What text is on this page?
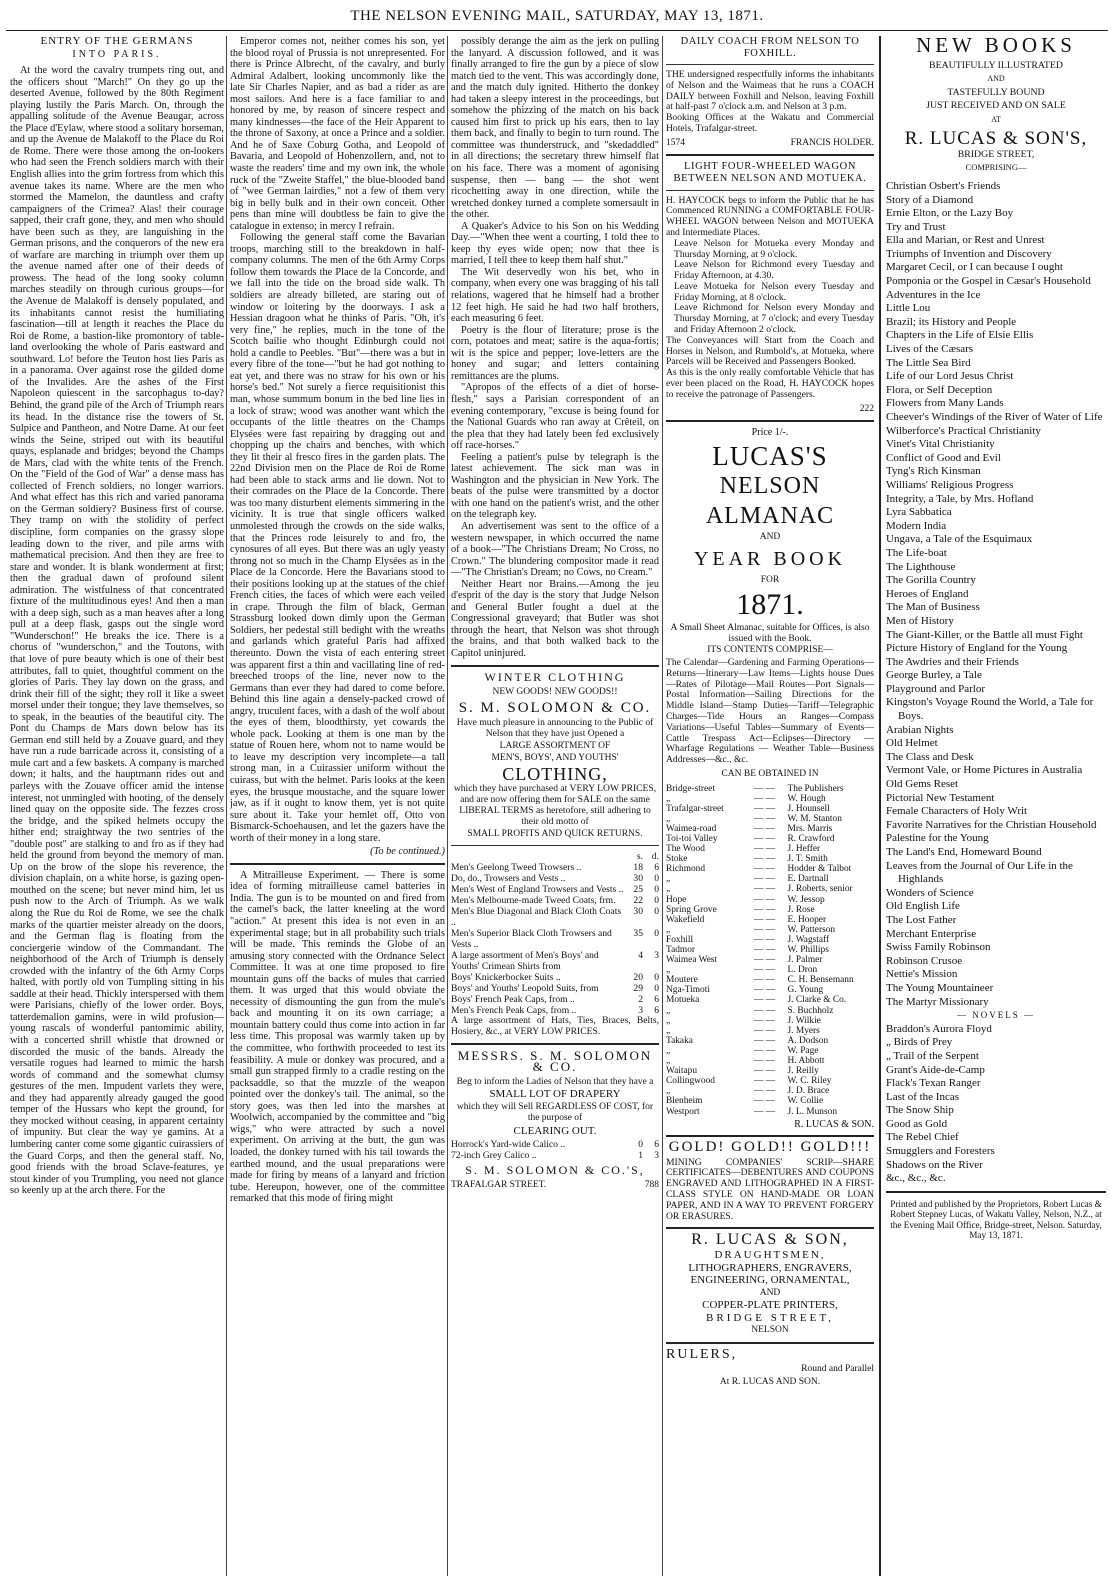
THE NELSON EVENING MAIL, SATURDAY, MAY 13, 1871.
ENTRY OF THE GERMANS
INTO PARIS.

At the word the cavalry trumpets ring out, and the officers shout "March!" On they go up the deserted Avenue, followed by the 80th Regiment playing lustily the Paris March. On, through the appalling solitude of the Avenue Beaugar, across the Place d'Eylaw, where stood a solitary horseman, and up the Avenue de Malakoff to the Place du Roi de Rome. There were those among the on-lookers who had seen the French soldiers march with their English allies into the grim fortress from which this avenue takes its name. Where are the men who stormed the Mamelon, the dauntless and crafty campaigners of the Crimea? Alas! their courage sapped, their craft gone, they, and men who should have been such as they, are languishing in the German prisons, and the conquerors of the new era of warfare are marching in triumph over them up the avenue named after one of their deeds of prowess. The head of the long sooky column marches steadily on through curious groups—for the Avenue de Malakoff is densely populated, and its inhabitants cannot resist the humiliating fascination—till at length it reaches the Place du Roi de Rome, a bastion-like promontory of table-land overlooking the whole of Paris eastward and southward. Lo! before the Teuton host lies Paris as in a panorama. Over against rose the gilded dome of the Invalides. Are the ashes of the First Napoleon quiescent in the sarcophagus to-day? Behind, the grand pile of the Arch of Triumph rears its head. In the distance rise the towers of St. Sulpice and Pantheon, and Notre Dame. At our feet winds the Seine, striped out with its beautiful quays, esplanade and bridges; beyond the Champs de Mars, clad with the white tents of the French. On the "Field of the God of War" a dense mass has collected of French soldiers, no longer warriors. And what effect has this rich and varied panorama on the German soldiery? Business first of course. They tramp on with the stolidity of perfect discipline, form companies on the grassy slope leading down to the river, and pile arms with mathematical precision. And then they are free to stare and wonder. It is blank wonderment at first; then the gradual dawn of profound silent admiration. The wistfulness of that concentrated fixture of the multitudinous eyes! And then a man with a deep sigh, such as a man heaves after a long pull at a deep flask, gasps out the single word "Wunderschon!" He breaks the ice. There is a chorus of "wunderschon," and the Toutons, with that love of pure beauty which is one of their best attributes, fall to quiet, thoughtful comment on the glories of Paris. They lay down on the grass, and drink their fill of the sight; they roll it like a sweet morsel under their tongue; they lave themselves, so to speak, in the beauties of the beautiful city. The Pont du Champs de Mars down below has its German end still held by a Zouave guard, and they have run a rude barricade across it, consisting of a mule cart and a few baskets. A company is marched down; it halts, and the hauptmann rides out and parleys with the Zouave officer amid the intense interest, not unmingled with hooting, of the densely lined quay on the opposite side. The fezzes cross the bridge, and the spiked helmets occupy the hither end; straightway the two sentries of the "double post" are stalking to and fro as if they had held the ground from beyond the memory of man. Up on the brow of the slope his reverence, the division chaplain, on a white horse, is gazing open-mouthed on the scene; but never mind him, let us push now to the Arch of Triumph. As we walk along the Rue du Roi de Rome, we see the chalk marks of the quartier meister already on the doors, and the German flag is floating from the conciergerie window of the Commandant. The neighborhood of the Arch of Triumph is densely crowded with the infantry of the 6th Army Corps halted, with portly old von Tumpling sitting in his saddle at their head. Thickly interspersed with them were Parisians, chiefly of the lower order. Boys, tatterdemalion gamins, were in wild profusion—young rascals of wonderful pantomimic ability, with a concerted shrill whistle that drowned or discorded the music of the bands. Already the versatile rogues had learned to mimic the harsh words of command and the somewhat clumsy gestures of the men. Impudent varlets they were, and they had apparently already gauged the good temper of the Hussars who kept the ground, for they mocked without ceasing, in apparent certainty of impunity. But clear the way ye gamins. At a lumbering canter come some gigantic cuirassiers of the Guard Corps, and then the general staff. No, good friends with the broad Sclave-features, ye stout kinder of you Trumpling, you need not glance so keenly up at the arch there. For the

Emperor comes not, neither comes his son, yet the blood royal of Prussia is not unrepresented. For there is Prince Albrecht, of the cavalry, and burly Admiral Adalbert, looking uncommonly like the late Sir Charles Napier, and as bad a rider as are most sailors. And here is a face familiar to and honored by me, by reason of sincere respect and many kindnesses—the face of the Heir Apparent to the throne of Saxony, at once a Prince and a soldier. And he of Saxe Coburg Gotha, and Leopold of Bavaria, and Leopold of Hohenzollern, and, not to waste the readers' time and my own ink, the whole ruck of the "Zweite Staffel," the blue-blooded band of "wee German lairdies," not a few of them very big in belly bulk and in their own conceit. Other pens than mine will doubtless be fain to give the catalogue in extenso; in mercy I refrain.

Following the general staff come the Bavarian troops, marching still to the breakdown in half-company columns. The men of the 6th Army Corps follow them towards the Place de la Concorde, and we fall into the tide on the broad side walk. Th soldiers are already billeted, are staring out of window or loitering by the doorways. I ask a Hessian dragoon what he thinks of Paris. "Oh, it's very fine," he replies, much in the tone of the Scotch bailie who thought Edinburgh could not hold a candle to Peebles. "But"—there was a but in every fibre of the tone—"but he had got nothing to eat yet, and there was no straw for his own or his horse's bed." Not surely a fierce requisitionist this man, whose summum bonum in the bed line lies in a lock of straw; wood was another want which the occupants of the little theatres on the Champs Elysées were fast repairing by dragging out and chopping up the chairs and benches, with which they lit their al fresco fires in the garden plats. The 22nd Division men on the Place de Roi de Rome had been able to stack arms and lie down. Not to their comrades on the Place de la Concorde. There was too many disturbent elements simmering in the vicinity. It is true that single officers walked unmolested through the crowds on the side walks, that the Princes rode leisurely to and fro, the cynosures of all eyes. But there was an ugly yeasty throng not so much in the Champ Elysées as in the Place de la Concorde. Here the Bavarians stood to their positions looking up at the statues of the chief French cities, the faces of which were each veiled in crape. Through the film of black, German Strassburg looked down dimly upon the German Soldiers, her pedestal still bedight with the wreaths and garlands which grateful Paris had affixed thereunto. Down the vista of each entering street was apparent first a thin and vacillating line of red-breeched troops of the line, never now to the Germans than ever they had dared to come before. Behind this line again a densely-packed crowd of angry, truculent faces, with a dash of the wolf about the eyes of them, bloodthirsty, yet cowards the whole pack. Looking at them is one man by the statue of Rouen here, whom not to name would be to leave my description very incomplete—a tall strong man, in a Cuirassier uniform without the cuirass, but with the helmet. Paris looks at the keen eyes, the brusque moustache, and the square lower jaw, as if it ought to know them, yet is not quite sure about it. Take your hemlet off, Otto von Bismarck-Schoehausen, and let the gazers have the worth of their money in a long stare.

(To be continued.)

A Mitrailleuse Experiment. — There is some idea of forming mitrailleuse camel batteries in India. The gun is to be mounted on and fired from the camel's back, the latter kneeling at the word "action." At present this idea is not even in an experimental stage; but in all probability such trials will be made. This reminds the Globe of an amusing story connected with the Ordnance Select Committee. It was at one time proposed to fire mountain guns off the backs of mules that carried them. It was urged that this would obviate the necessity of dismounting the gun from the mule's back and mounting it on its own carriage; a mountain battery could thus come into action in far less time. This proposal was warmly taken up by the committee, who forthwith proceeded to test its feasibility. A mule or donkey was procured, and a small gun strapped firmly to a cradle resting on the packsaddle, so that the muzzle of the weapon pointed over the donkey's tail. The animal, so the story goes, was then led into the marshes at Woolwich, accompanied by the committee and "big wigs," who were attracted by such a novel experiment. On arriving at the butt, the gun was loaded, the donkey turned with his tail towards the earthed mound, and the usual preparations were made for firing by means of a lanyard and friction tube. Hereupon, however, one of the committee remarked that this mode of firing might

possibly derange the aim as the jerk on pulling the lanyard. A discussion followed, and it was finally arranged to fire the gun by a piece of slow match tied to the vent. This was accordingly done, and the match duly ignited. Hitherto the donkey had taken a sleepy interest in the proceedings, but somehow the phizzing of the match on his back caused him first to prick up his ears, then to lay them back, and finally to begin to turn round. The committee was thunderstruck, and "skedaddled" in all directions; the secretary threw himself flat on his face. There was a moment of agonising suspense, then — bang — the shot went ricochetting away in one direction, while the wretched donkey turned a complete somersault in the other.

A Quaker's Advice to his Son on his Wedding Day.—"When thee went a courting, I told thee to keep thy eyes wide open; now that thee is married, I tell thee to keep them half shut."

The Wit deservedly won his bet, who in company, when every one was bragging of his tall relations, wagered that he himself had a brother 12 feet high. He said he had two half brothers, each measuring 6 feet.

Poetry is the flour of literature; prose is the corn, potatoes and meat; satire is the aqua-fortis; wit is the spice and pepper; love-letters are the honey and sugar; and letters containing remittances are the plums.

"Apropos of the effects of a diet of horse-flesh," says a Parisian correspondent of an evening contemporary, "excuse is being found for the National Guards who ran away at Crêteil, on the plea that they had lately been fed exclusively off race-horses."

Feeling a patient's pulse by telegraph is the latest achievement. The sick man was in Washington and the physician in New York. The beats of the pulse were transmitted by a doctor with one hand on the patient's wrist, and the other on the telegraph key.

An advertisement was sent to the office of a western newspaper, in which occurred the name of a book—"The Christians Dream; No Cross, no Crown." The blundering compositor made it read—"The Christian's Dream; no Cows, no Cream."

Neither Heart nor Brains.—Among the jeu d'esprit of the day is the story that Judge Nelson and General Butler fought a duel at the Congressional graveyard; that Butler was shot through the heart, that Nelson was shot through the brains, and that both walked back to the Capitol uninjured.

WINTER CLOTHING
NEW GOODS! NEW GOODS!!
S. M. SOLOMON & CO.

Have much pleasure in announcing to the Public of Nelson that they have just Opened a

LARGE ASSORTMENT OF
MEN'S, BOYS', AND YOUTHS'
CLOTHING,

which they have purchased at VERY LOW PRICES, and are now offering them for SALE on the same LIBERAL TERMS as heretofore, still adhering to their old motto of

SMALL PROFITS AND QUICK RETURNS.
	s.	d.
Men's Geelong Tweed Trowsers ..	18	6
Do, do., Trowsers and Vests ..	30	0
Men's West of England Trowsers and Vests ..	25	0
Men's Melbourne-made Tweed Coats, frm.	22	0
Men's Blue Diagonal and Black Cloth Coats ..	30	0
Men's Superior Black Cloth Trowsers and Vests ..	35	0
A large assortment of Men's Boys' and Youths' Crimean Shirts from	4	3
Boys' Knickerbocker Suits ..	20	0
Boys' and Youths' Leopold Suits, from	29	0
Boys' French Peak Caps, from ..	2	6
Men's French Peak Caps, from ..	3	6

A large assortment of Hats, Ties, Braces, Belts, Hosiery, &c., at VERY LOW PRICES.

MESSRS. S. M. SOLOMON & CO.
Beg to inform the Ladies of Nelson that they have a
SMALL LOT OF DRAPERY
which they will Sell REGARDLESS OF COST, for the purpose of
CLEARING OUT.
Horrock's Yard-wide Calico ..	0	6
72-inch Grey Calico ..	1	3
S. M. SOLOMON & CO.'S,
TRAFALGAR STREET.	788
DAILY COACH FROM NELSON TO FOXHILL.

THE undersigned respectfully informs the inhabitants of Nelson and the Waimeas that he runs a COACH DAILY between Foxhill and Nelson, leaving Foxhill at half-past 7 o'clock a.m. and Nelson at 3 p.m.

Booking Offices at the Wakatu and Commercial Hotels, Trafalgar-street.

1574	FRANCIS HOLDER.
LIGHT FOUR-WHEELED WAGON BETWEEN NELSON AND MOTUEKA.

H. HAYCOCK begs to inform the Public that he has Commenced RUNNING a COMFORTABLE FOUR-WHEEL WAGON between Nelson and MOTUEKA and Intermediate Places.

Leave Nelson for Motueka every Monday and Thursday Morning, at 9 o'clock.

Leave Nelson for Richmond every Tuesday and Friday Afternoon, at 4.30.

Leave Motueka for Nelson every Tuesday and Friday Morning, at 8 o'clock.

Leave Richmond for Nelson every Monday and Thursday Morning, at 7 o'clock; and every Tuesday and Friday Afternoon 2 o'clock.

The Conveyances will Start from the Coach and Horses in Nelson, and Rumbold's, at Motueka, where Parcels will be Received and Passengers Booked.

As this is the only really comfortable Vehicle that has ever been placed on the Road, H. HAYCOCK hopes to receive the patronage of Passengers.

222
Price 1/-.
LUCAS'S
NELSON ALMANAC
AND
YEAR BOOK
FOR
1871.

A Small Sheet Almanac, suitable for Offices, is also issued with the Book.

ITS CONTENTS COMPRISE—

The Calendar—Gardening and Farming Operations—Returns—Itinerary—Law Items—Lights house Dues—Rates of Pilotage—Mail Routes—Port Signals—Postal Information—Sailing Directions for the Middle Island—Stamp Duties—Tariff—Telegraphic Charges—Tide Hours an Ranges—Compass Variations—Useful Tables—Summary of Events—Cattle Trespass Act—Eclipses—Directory — Wharfage Regulations — Weather Table—Business Addresses—&c., &c.

CAN BE OBTAINED IN
Bridge-street	— —	The Publishers
„	— —	W. Hough
Trafalgar-street	— —	J. Hounsell
„	— —	W. M. Stanton
Waimea-road	— —	Mrs. Marris
Toi-toi Valley	— —	R. Crawford
The Wood	— —	J. Heffer
Stoke	— —	J. T. Smith
Richmond	— —	Hodder & Talbot
„	— —	E. Dartnall
„	— —	J. Roberts, senior
Hope	— —	W. Jessop
Spring Grove	— —	J. Rose
Wakefield	— —	E. Hooper
„	— —	W. Patterson
Foxhill	— —	J. Wagstaff
Tadmor	— —	W. Phillips
Waimea West	— —	J. Palmer
„	— —	L. Dron
Moutere	— —	C. H. Bensemann
Nga-Timoti	— —	G. Young
Motueka	— —	J. Clarke & Co.
„	— —	S. Buchholz
„	— —	J. Wilkie
„	— —	J. Myers
Takaka	— —	A. Dodson
„	— —	W. Page
„	— —	H. Abbott
Waitapu	— —	J. Reilly
Collingwood	— —	W. C. Riley
„	— —	J. D. Brace
Blenheim	— —	W. Collie
Westport	— —	J. L. Munson
R. LUCAS & SON.
GOLD! GOLD!! GOLD!!!

MINING COMPANIES' SCRIP—SHARE CERTIFICATES—DEBENTURES AND COUPONS ENGRAVED AND LITHOGRAPHED IN A FIRST-CLASS STYLE ON HAND-MADE OR LOAN PAPER, AND IN A WAY TO PREVENT FORGERY OR ERASURES.

R. LUCAS & SON,
DRAUGHTSMEN,
LITHOGRAPHERS, ENGRAVERS,
ENGINEERING, ORNAMENTAL,
AND
COPPER-PLATE PRINTERS,
BRIDGE STREET,
NELSON
RULERS,
Round and Parallel
At R. LUCAS AND SON.
NEW BOOKS
BEAUTIFULLY ILLUSTRATED
AND
TASTEFULLY BOUND
JUST RECEIVED AND ON SALE
AT
R. LUCAS & SON'S,
BRIDGE STREET,
COMPRISING—
Christian Osbert's Friends
Story of a Diamond
Ernie Elton, or the Lazy Boy
Try and Trust
Ella and Marian, or Rest and Unrest
Triumphs of Invention and Discovery
Margaret Cecil, or I can because I ought
Pomponia or the Gospel in Cæsar's Household
Adventures in the Ice
Little Lou
Brazil; its History and People
Chapters in the Life of Elsie Ellis
Lives of the Cæsars
The Little Sea Bird
Life of our Lord Jesus Christ
Flora, or Self Deception
Flowers from Many Lands
Cheever's Windings of the River of Water of Life
Wilberforce's Practical Christianity
Vinet's Vital Christianity
Conflict of Good and Evil
Tyng's Rich Kinsman
Williams' Religious Progress
Integrity, a Tale, by Mrs. Hofland
Lyra Sabbatica
Modern India
Ungava, a Tale of the Esquimaux
The Life-boat
The Lighthouse
The Gorilla Country
Heroes of England
The Man of Business
Men of History
The Giant-Killer, or the Battle all must Fight
Picture History of England for the Young
The Awdries and their Friends
George Burley, a Tale
Playground and Parlor
Kingston's Voyage Round the World, a Tale for Boys.
Arabian Nights
Old Helmet
The Class and Desk
Vermont Vale, or Home Pictures in Australia
Old Gems Reset
Pictorial New Testament
Female Characters of Holy Writ
Favorite Narratives for the Christian Household
Palestine for the Young
The Land's End, Homeward Bound
Leaves from the Journal of Our Life in the Highlands
Wonders of Science
Old English Life
The Lost Father
Merchant Enterprise
Swiss Family Robinson
Robinson Crusoe
Nettie's Mission
The Young Mountaineer
The Martyr Missionary
— NOVELS —
Braddon's Aurora Floyd
„ Birds of Prey
„ Trail of the Serpent
Grant's Aide-de-Camp
Flack's Texan Ranger
Last of the Incas
The Snow Ship
Good as Gold
The Rebel Chief
Smugglers and Foresters
Shadows on the River
&c., &c., &c.
Printed and published by the Proprietors, Robert Lucas & Robert Stepney Lucas, of Wakatu Valley, Nelson, N.Z., at the Evening Mail Office, Bridge-street, Nelson. Saturday, May 13, 1871.
